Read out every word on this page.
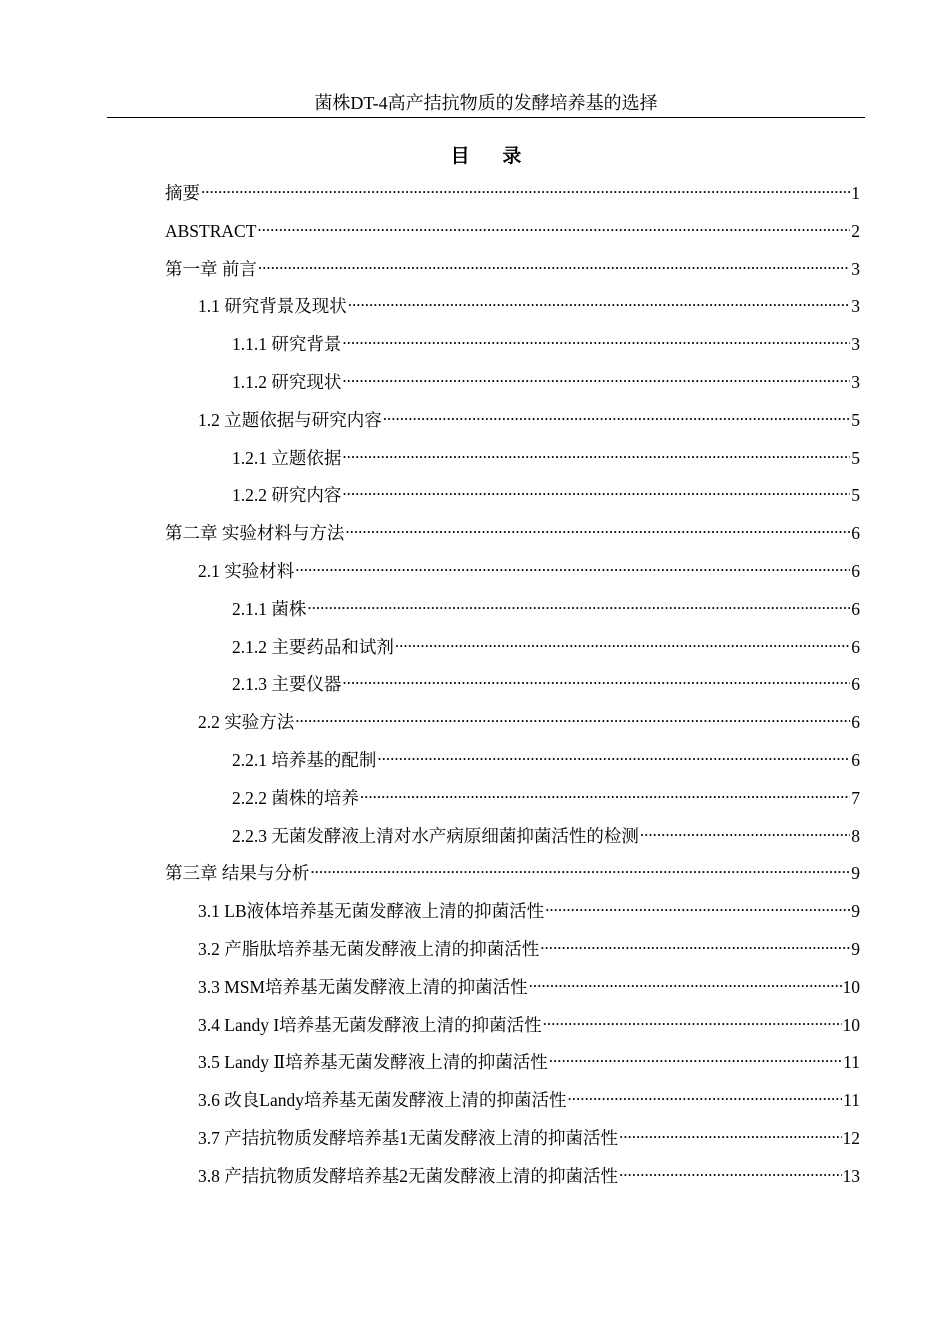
菌株DT-4高产拮抗物质的发酵培养基的选择
目 录
摘要 .....	1
ABSTRACT .....	2
第一章 前言 .....	3
1.1 研究背景及现状 .....	3
1.1.1 研究背景 .....	3
1.1.2 研究现状 .....	3
1.2 立题依据与研究内容 .....	5
1.2.1 立题依据 .....	5
1.2.2 研究内容 .....	5
第二章 实验材料与方法 .....	6
2.1 实验材料 .....	6
2.1.1 菌株 .....	6
2.1.2 主要药品和试剂 .....	6
2.1.3 主要仪器 .....	6
2.2 实验方法 .....	6
2.2.1 培养基的配制 .....	6
2.2.2 菌株的培养 .....	7
2.2.3 无菌发酵液上清对水产病原细菌抑菌活性的检测 .....	8
第三章 结果与分析 .....	9
3.1 LB液体培养基无菌发酵液上清的抑菌活性 .....	9
3.2 产脂肽培养基无菌发酵液上清的抑菌活性 .....	9
3.3 MSM培养基无菌发酵液上清的抑菌活性 .....	10
3.4 Landy I培养基无菌发酵液上清的抑菌活性 .....	10
3.5 Landy Ⅱ培养基无菌发酵液上清的抑菌活性 .....	11
3.6 改良Landy培养基无菌发酵液上清的抑菌活性 .....	11
3.7 产拮抗物质发酵培养基1无菌发酵液上清的抑菌活性 .....	12
3.8 产拮抗物质发酵培养基2无菌发酵液上清的抑菌活性 .....	13
